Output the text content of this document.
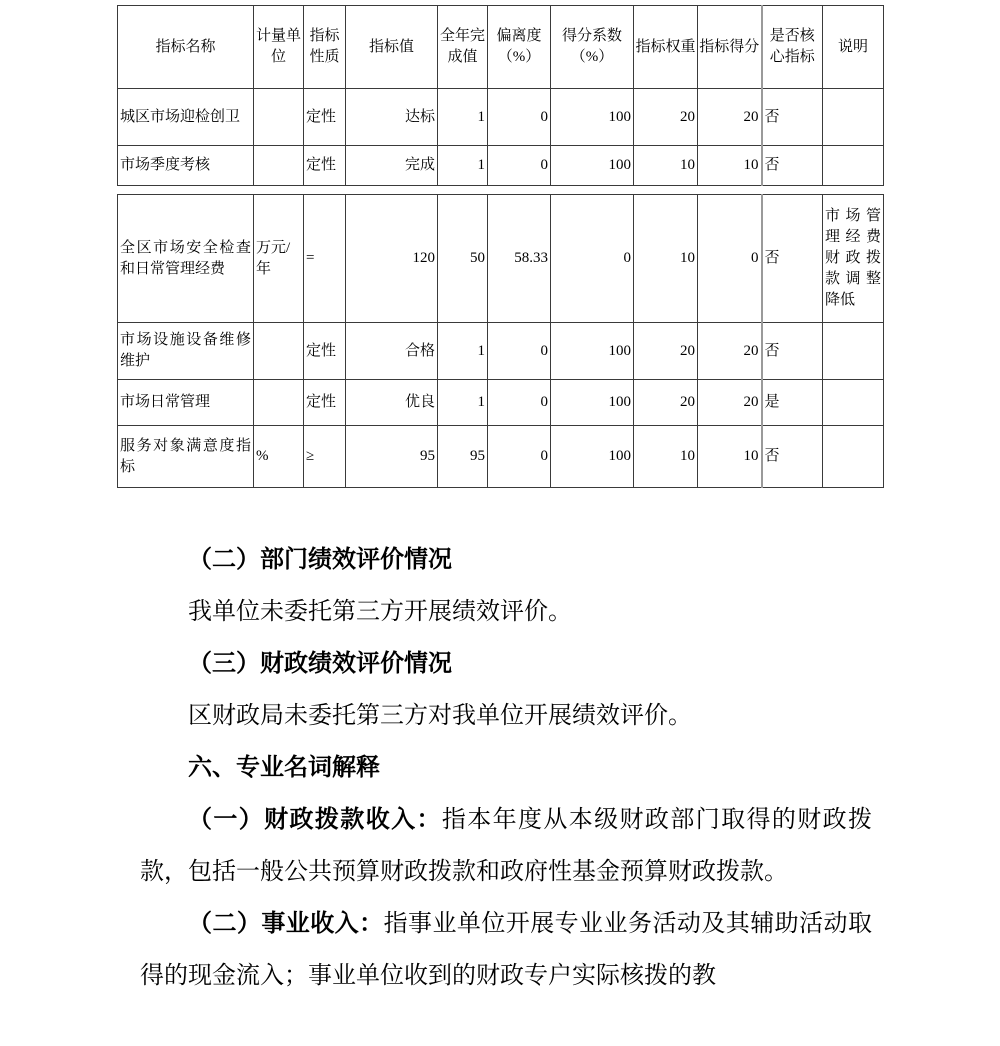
指标名称	计量单位	指标性质	指标值	全年完成值	偏离度（%）	得分系数（%）	指标权重	指标得分	是否核心指标	说明
城区市场迎检创卫		定性	达标	1	0	100	20	20	否	
市场季度考核		定性	完成	1	0	100	10	10	否	
全区市场安全检查和日常管理经费	万元/年	=	120	50	58.33	0	10	0	否	市场管理经费财政拨款调整降低
市场设施设备维修维护		定性	合格	1	0	100	20	20	否	
市场日常管理		定性	优良	1	0	100	20	20	是	
服务对象满意度指标	%	≥	95	95	0	100	10	10	否	

（二）部门绩效评价情况

我单位未委托第三方开展绩效评价。

（三）财政绩效评价情况

区财政局未委托第三方对我单位开展绩效评价。

六、专业名词解释

（一）财政拨款收入：指本年度从本级财政部门取得的财政拨款，包括一般公共预算财政拨款和政府性基金预算财政拨款。

（二）事业收入：指事业单位开展专业业务活动及其辅助活动取得的现金流入；事业单位收到的财政专户实际核拨的教
